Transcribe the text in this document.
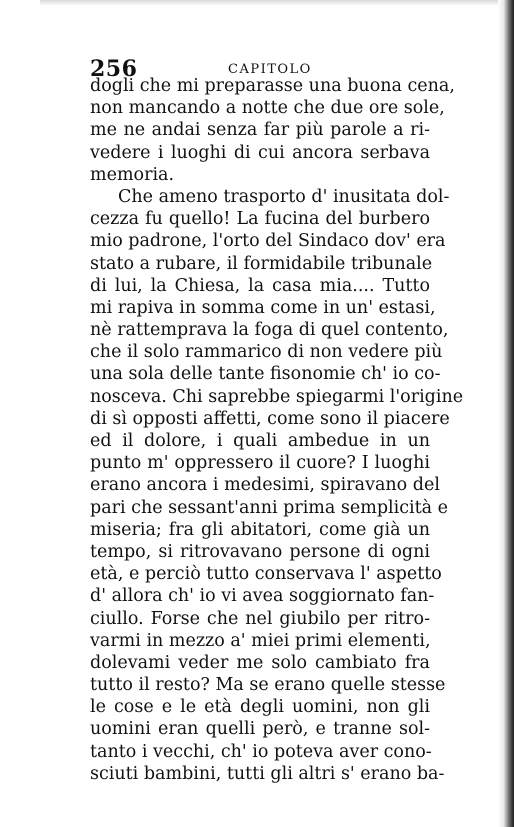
256	CAPITOLO
dogli che mi preparasse una buona cena,
non mancando a notte che due ore sole,
me ne andai senza far più parole a ri-
vedere i luoghi di cui ancora serbava
memoria.
Che ameno trasporto d' inusitata dol-
cezza fu quello! La fucina del burbero
mio padrone, l'orto del Sindaco dov' era
stato a rubare, il formidabile tribunale
di lui, la Chiesa, la casa mia.... Tutto
mi rapiva in somma come in un' estasi,
nè rattemprava la foga di quel contento,
che il solo rammarico di non vedere più
una sola delle tante fisonomie ch' io co-
nosceva. Chi saprebbe spiegarmi l'origine
di sì opposti affetti, come sono il piacere
ed il dolore, i quali ambedue in un
punto m' oppressero il cuore? I luoghi
erano ancora i medesimi, spiravano del
pari che sessant'anni prima semplicità e
miseria; fra gli abitatori, come già un
tempo, si ritrovavano persone di ogni
età, e perciò tutto conservava l' aspetto
d' allora ch' io vi avea soggiornato fan-
ciullo. Forse che nel giubilo per ritro-
varmi in mezzo a' miei primi elementi,
dolevami veder me solo cambiato fra
tutto il resto? Ma se erano quelle stesse
le cose e le età degli uomini, non gli
uomini eran quelli però, e tranne sol-
tanto i vecchi, ch' io poteva aver cono-
sciuti bambini, tutti gli altri s' erano ba-
